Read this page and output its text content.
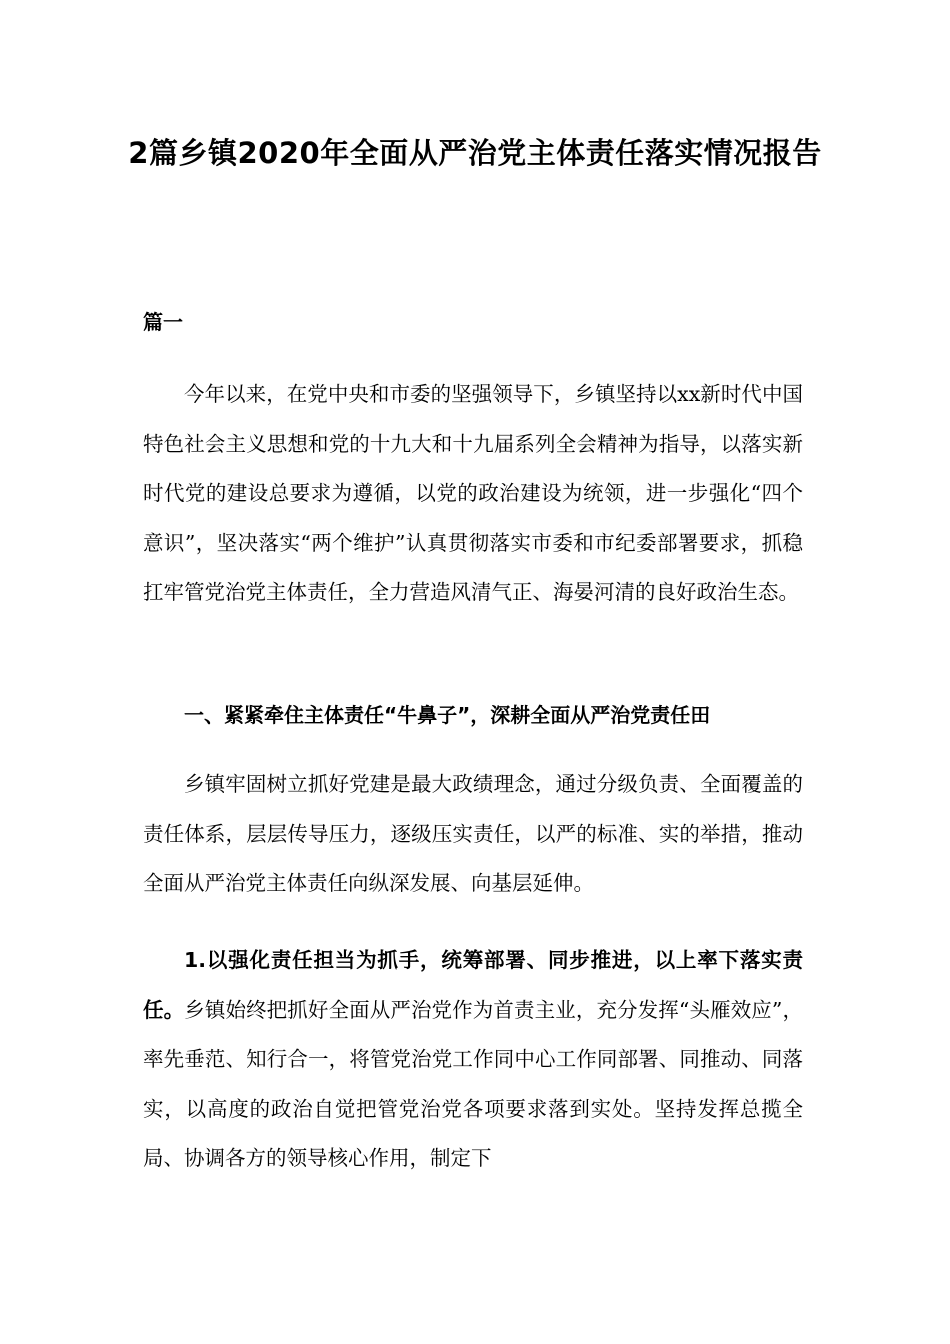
2篇乡镇2020年全面从严治党主体责任落实情况报告
篇一

今年以来，在党中央和市委的坚强领导下，乡镇坚持以xx新时代中国特色社会主义思想和党的十九大和十九届系列全会精神为指导，以落实新时代党的建设总要求为遵循，以党的政治建设为统领，进一步强化“四个意识”，坚决落实“两个维护”认真贯彻落实市委和市纪委部署要求，抓稳扛牢管党治党主体责任，全力营造风清气正、海晏河清的良好政治生态。

一、紧紧牵住主体责任“牛鼻子”，深耕全面从严治党责任田

乡镇牢固树立抓好党建是最大政绩理念，通过分级负责、全面覆盖的责任体系，层层传导压力，逐级压实责任，以严的标准、实的举措，推动全面从严治党主体责任向纵深发展、向基层延伸。

1.以强化责任担当为抓手，统筹部署、同步推进，以上率下落实责任。乡镇始终把抓好全面从严治党作为首责主业，充分发挥“头雁效应”，率先垂范、知行合一，将管党治党工作同中心工作同部署、同推动、同落实，以高度的政治自觉把管党治党各项要求落到实处。坚持发挥总揽全局、协调各方的领导核心作用，制定下
